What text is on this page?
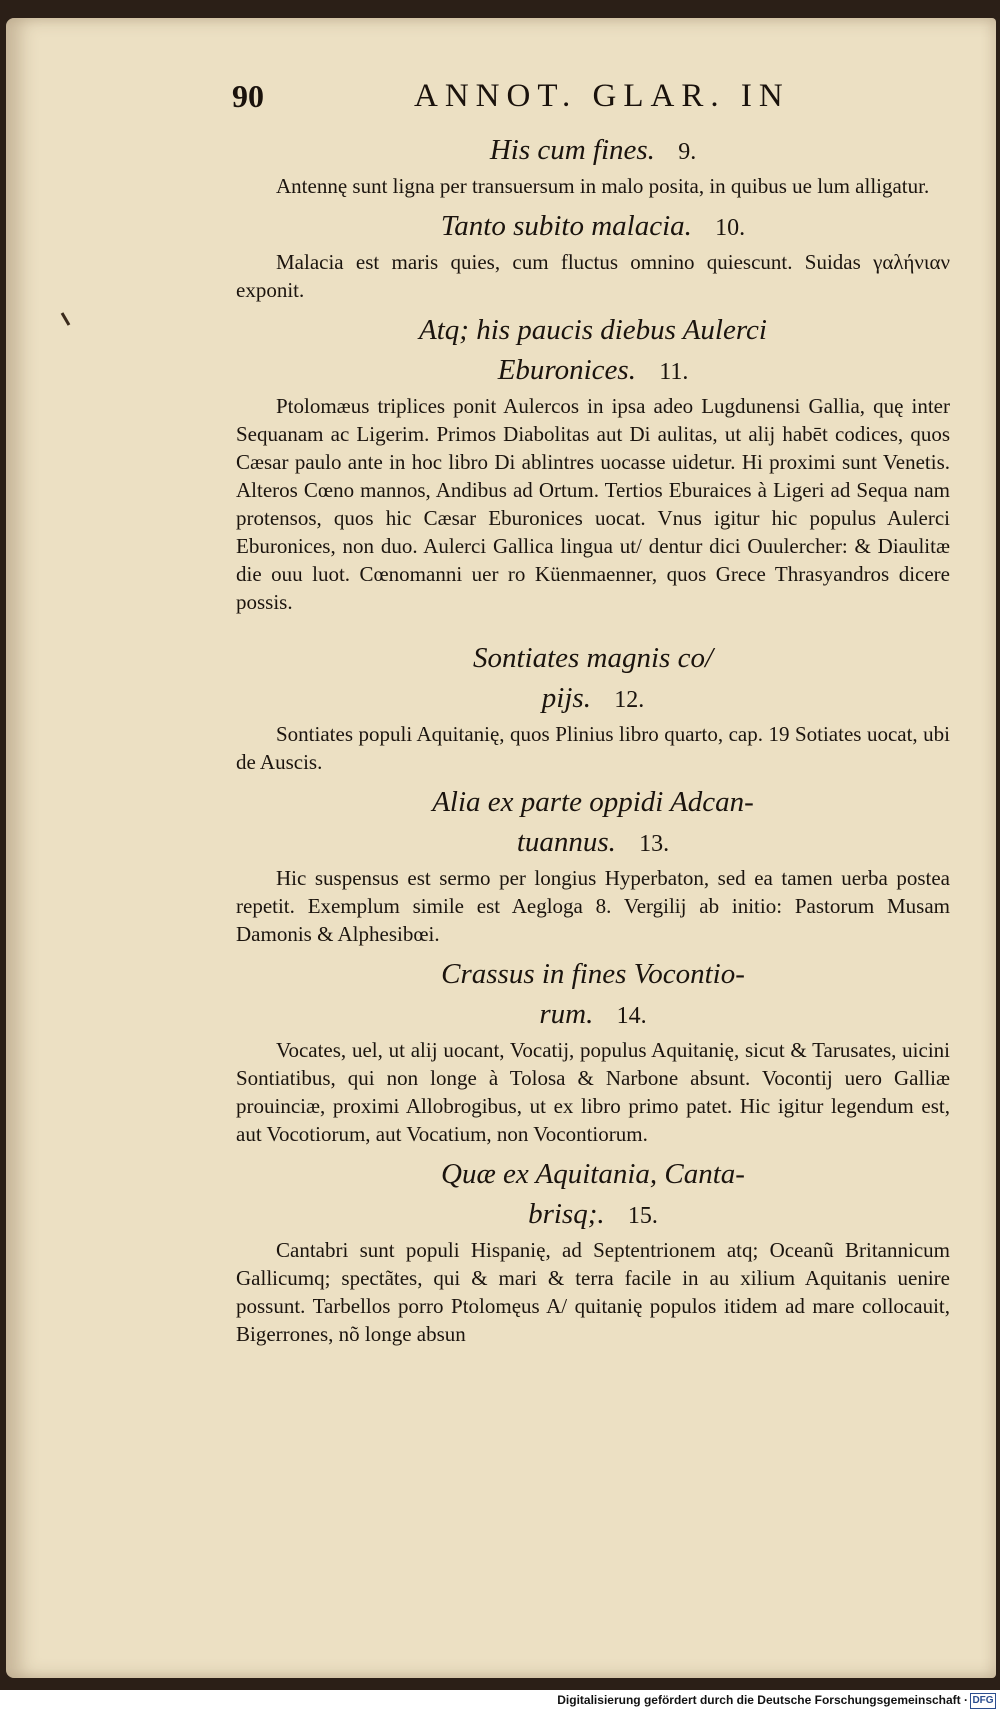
90	ANNOT. GLAR. IN

His cum fines. 9.

Antennę sunt ligna per transuersum in malo posita, in quibus ue lum alligatur.

Tanto subito malacia. 10.

Malacia est maris quies, cum fluctus omnino quiescunt. Suidas γαλήνιαν exponit.

Atq; his paucis diebus Aulerci

Eburonices. 11.

Ptolomæus triplices ponit Aulercos in ipsa adeo Lugdunensi Gallia, quę inter Sequanam ac Ligerim. Primos Diabolitas aut Di aulitas, ut alij habēt codices, quos Cæsar paulo ante in hoc libro Di ablintres uocasse uidetur. Hi proximi sunt Venetis. Alteros Cœno mannos, Andibus ad Ortum. Tertios Eburaices à Ligeri ad Sequa nam protensos, quos hic Cæsar Eburonices uocat. Vnus igitur hic populus Aulerci Eburonices, non duo. Aulerci Gallica lingua ut/ dentur dici Ouulercher: & Diaulitæ die ouu luot. Cœnomanni uer ro Küenmaenner, quos Grece Thrasyandros dicere possis.

Sontiates magnis co/

pijs. 12.

Sontiates populi Aquitanię, quos Plinius libro quarto, cap. 19 Sotiates uocat, ubi de Auscis.

Alia ex parte oppidi Adcan-

tuannus. 13.

Hic suspensus est sermo per longius Hyperbaton, sed ea tamen uerba postea repetit. Exemplum simile est Aegloga 8. Vergilij ab initio: Pastorum Musam Damonis & Alphesibœi.

Crassus in fines Vocontio-

rum. 14.

Vocates, uel, ut alij uocant, Vocatij, populus Aquitanię, sicut & Tarusates, uicini Sontiatibus, qui non longe à Tolosa & Narbone absunt. Vocontij uero Galliæ prouinciæ, proximi Allobrogibus, ut ex libro primo patet. Hic igitur legendum est, aut Vocotiorum, aut Vocatium, non Vocontiorum.

Quæ ex Aquitania, Canta-

brisq;. 15.

Cantabri sunt populi Hispanię, ad Septentrionem atq; Oceanũ Britannicum Gallicumq; spectãtes, qui & mari & terra facile in au xilium Aquitanis uenire possunt. Tarbellos porro Ptolomęus A/ quitanię populos itidem ad mare collocauit, Bigerrones, nõ longe absun

Digitalisierung gefördert durch die Deutsche Forschungsgemeinschaft · DFG
